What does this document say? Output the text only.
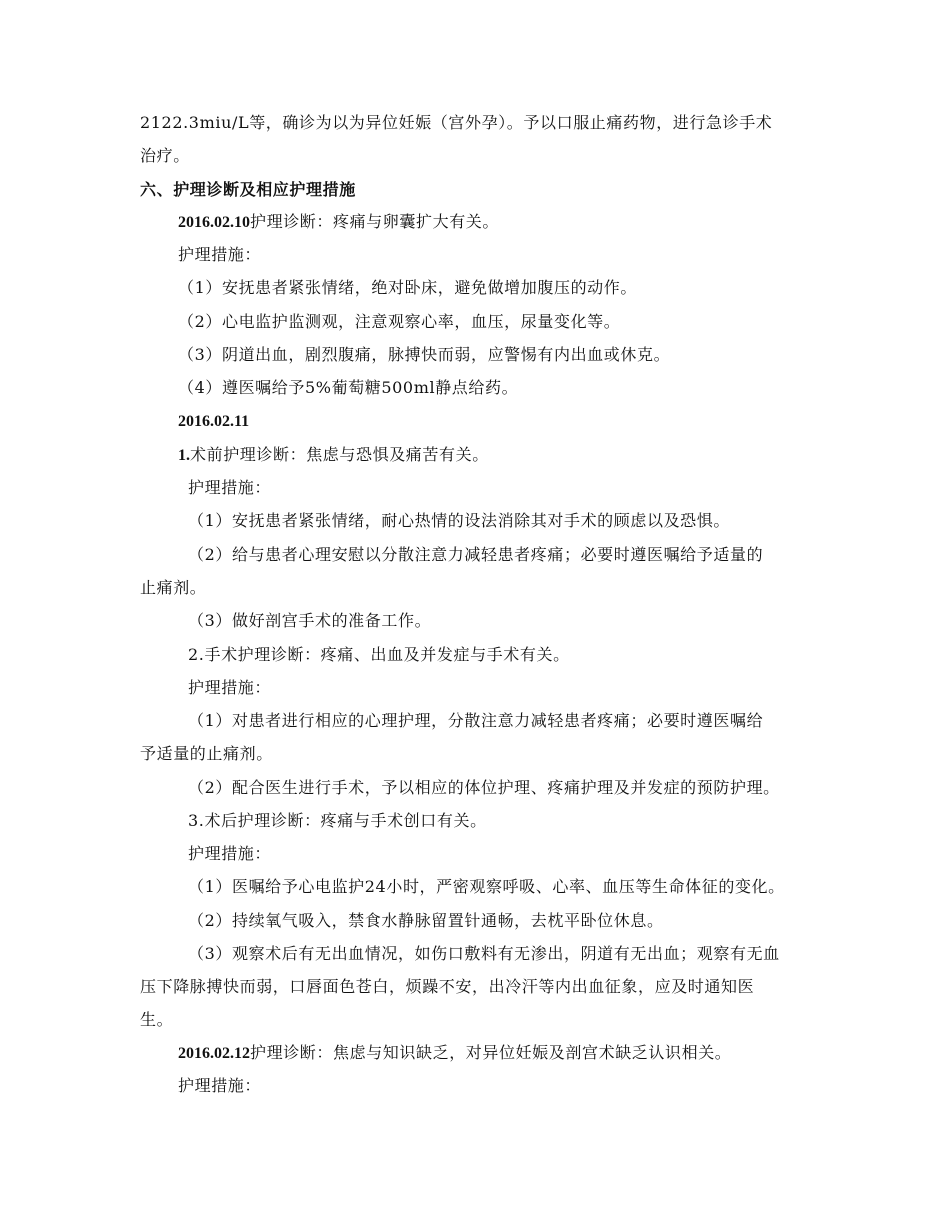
2122.3miu/L等，确诊为以为异位妊娠（宫外孕）。予以口服止痛药物，进行急诊手术
治疗。
六、护理诊断及相应护理措施
2016.02.10护理诊断：疼痛与卵囊扩大有关。
护理措施：
（1）安抚患者紧张情绪，绝对卧床，避免做增加腹压的动作。
（2）心电监护监测观，注意观察心率，血压，尿量变化等。
（3）阴道出血，剧烈腹痛，脉搏快而弱，应警惕有内出血或休克。
（4）遵医嘱给予5%葡萄糖500ml静点给药。
2016.02.11
1.术前护理诊断：焦虑与恐惧及痛苦有关。
护理措施：
（1）安抚患者紧张情绪，耐心热情的设法消除其对手术的顾虑以及恐惧。
（2）给与患者心理安慰以分散注意力减轻患者疼痛；必要时遵医嘱给予适量的
止痛剂。
（3）做好剖宫手术的准备工作。
2.手术护理诊断：疼痛、出血及并发症与手术有关。
护理措施：
（1）对患者进行相应的心理护理，分散注意力减轻患者疼痛；必要时遵医嘱给
予适量的止痛剂。
（2）配合医生进行手术，予以相应的体位护理、疼痛护理及并发症的预防护理。
3.术后护理诊断：疼痛与手术创口有关。
护理措施：
（1）医嘱给予心电监护24小时，严密观察呼吸、心率、血压等生命体征的变化。
（2）持续氧气吸入，禁食水静脉留置针通畅，去枕平卧位休息。
（3）观察术后有无出血情况，如伤口敷料有无渗出，阴道有无出血；观察有无血
压下降脉搏快而弱，口唇面色苍白，烦躁不安，出冷汗等内出血征象，应及时通知医
生。
2016.02.12护理诊断：焦虑与知识缺乏，对异位妊娠及剖宫术缺乏认识相关。
护理措施：
